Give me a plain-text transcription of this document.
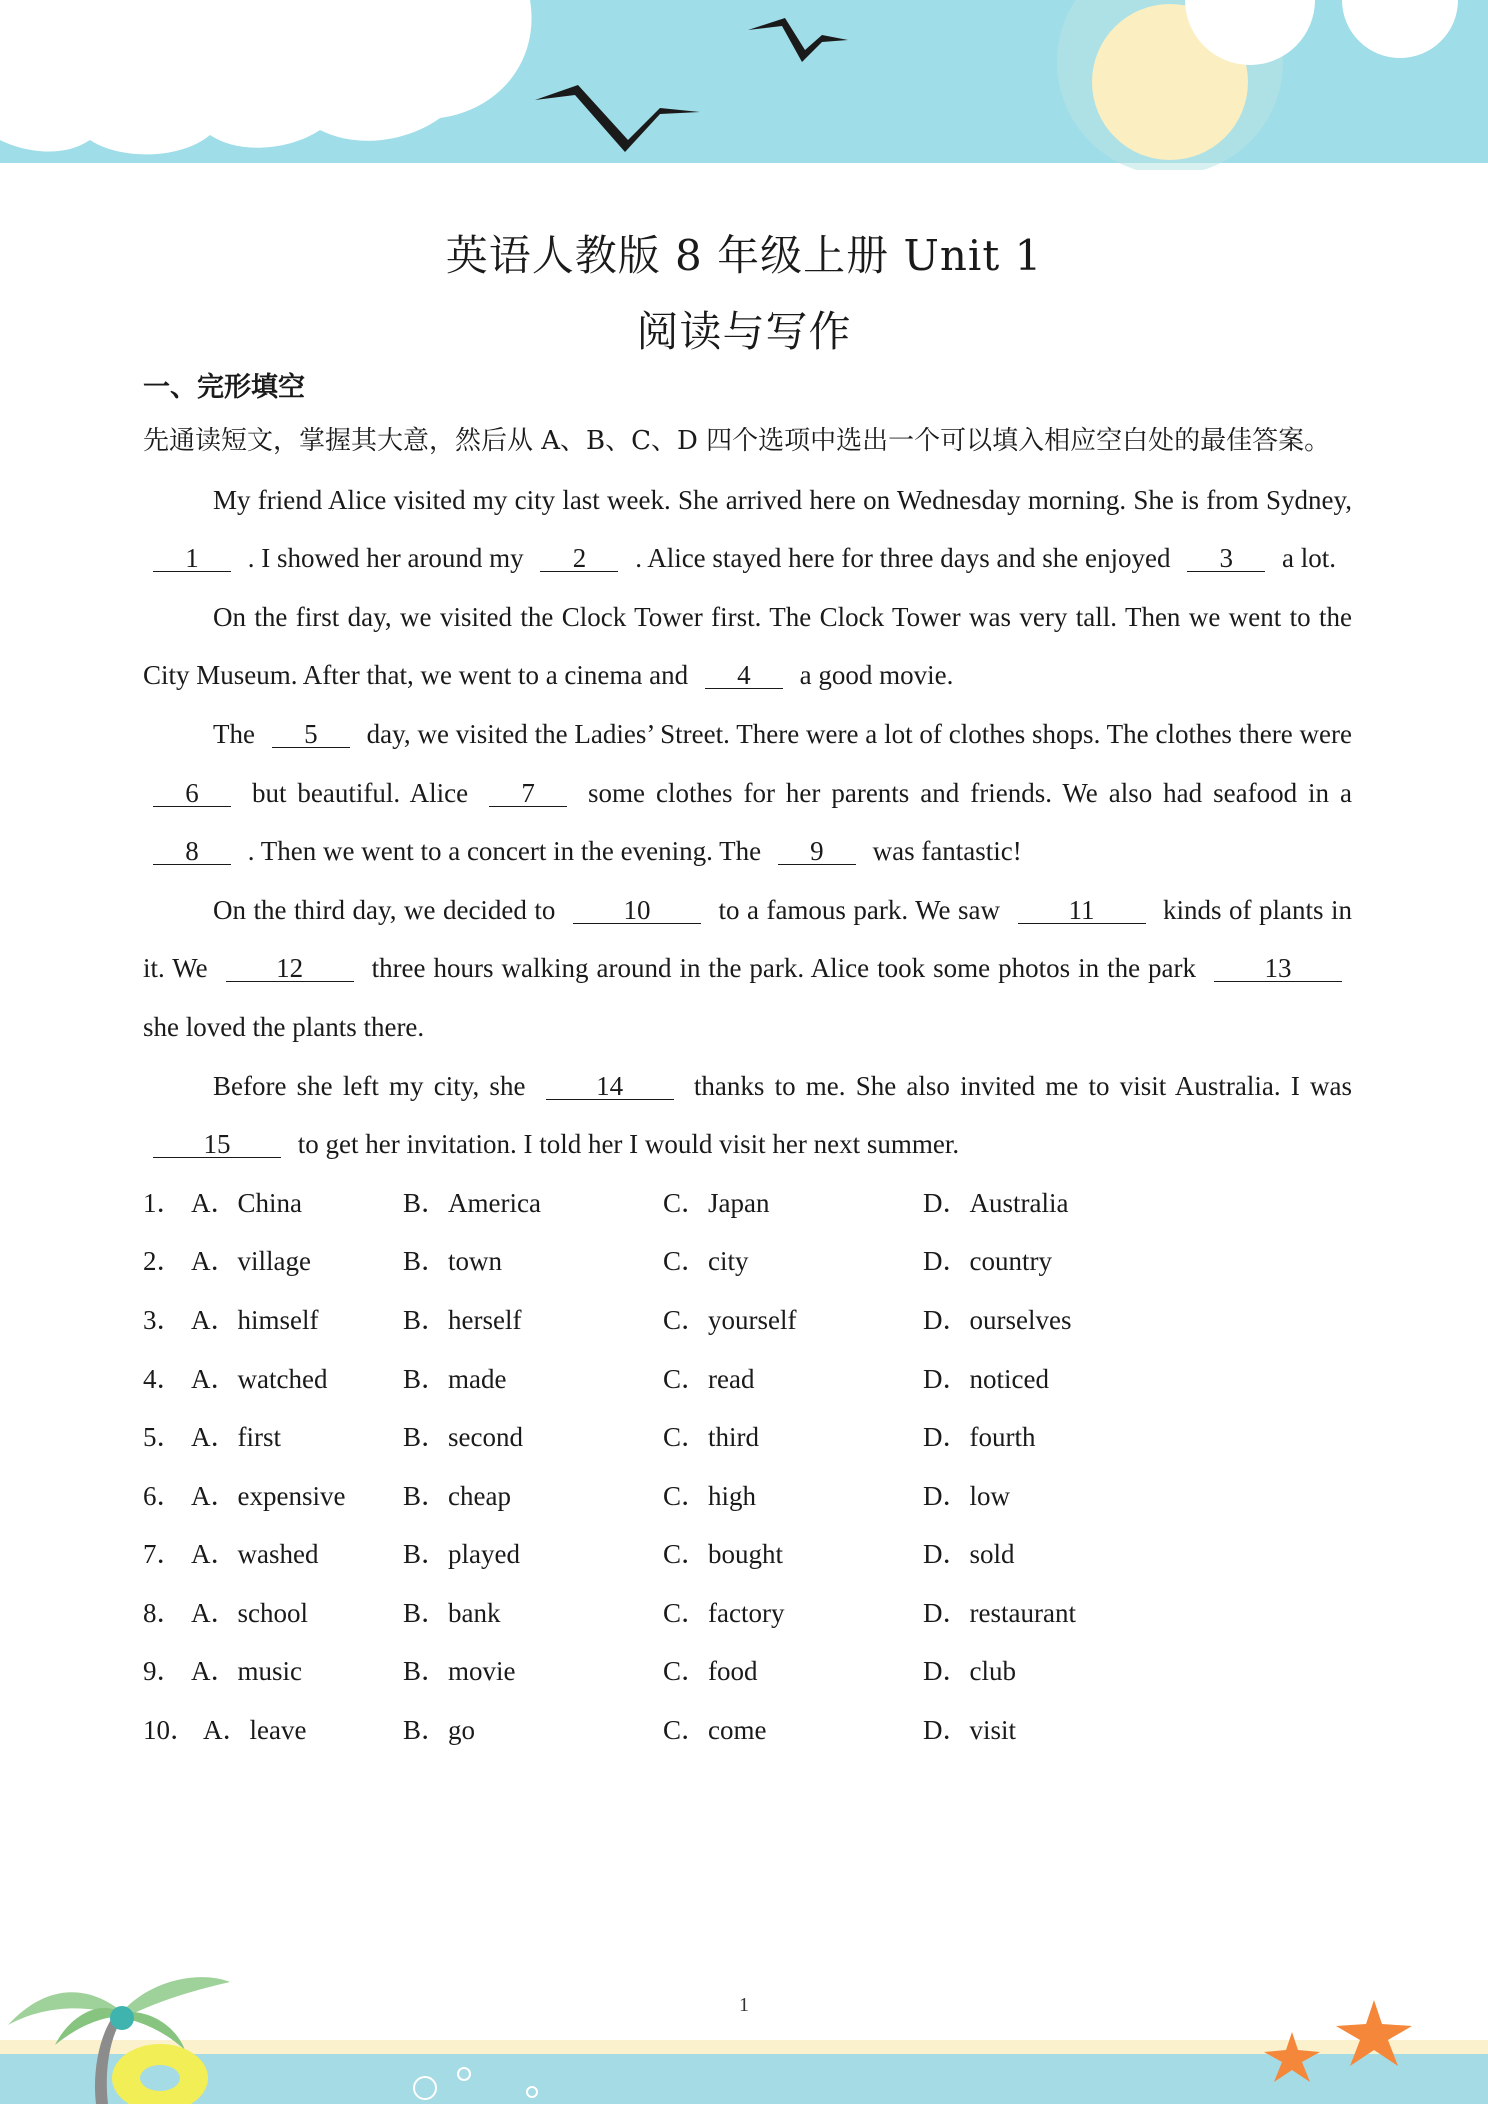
英语人教版 8 年级上册 Unit 1
阅读与写作
一、完形填空
先通读短文，掌握其大意，然后从 A、B、C、D 四个选项中选出一个可以填入相应空白处的最佳答案。

My friend Alice visited my city last week. She arrived here on Wednesday morning. She is from Sydney, 1 . I showed her around my 2 . Alice stayed here for three days and she enjoyed 3 a lot.

On the first day, we visited the Clock Tower first. The Clock Tower was very tall. Then we went to the City Museum. After that, we went to a cinema and 4 a good movie.

The 5 day, we visited the Ladies’ Street. There were a lot of clothes shops. The clothes there were 6 but beautiful. Alice 7 some clothes for her parents and friends. We also had seafood in a 8 . Then we went to a concert in the evening. The 9 was fantastic!

On the third day, we decided to	10	to a famous park. We saw	11	kinds of plants in it. We	12	three hours walking around in the park. Alice took some photos in the park	13 she loved the plants there.

Before she left my city, she	14	thanks to me. She also invited me to visit Australia. I was 15 to get her invitation. I told her I would visit her next summer.

1． A．China	B．America	C．Japan	D．Australia
2． A．village	B．town	C．city	D．country
3． A．himself	B．herself	C．yourself	D．ourselves
4． A．watched	B．made	C．read	D．noticed
5． A．first	B．second	C．third	D．fourth
6． A．expensive B．cheap	C．high	D．low
7． A．washed	B．played	C．bought	D．sold
8． A．school	B．bank	C．factory	D．restaurant
9． A．music	B．movie	C．food	D．club
10． A．leave	B．go	C．come	D．visit
1
